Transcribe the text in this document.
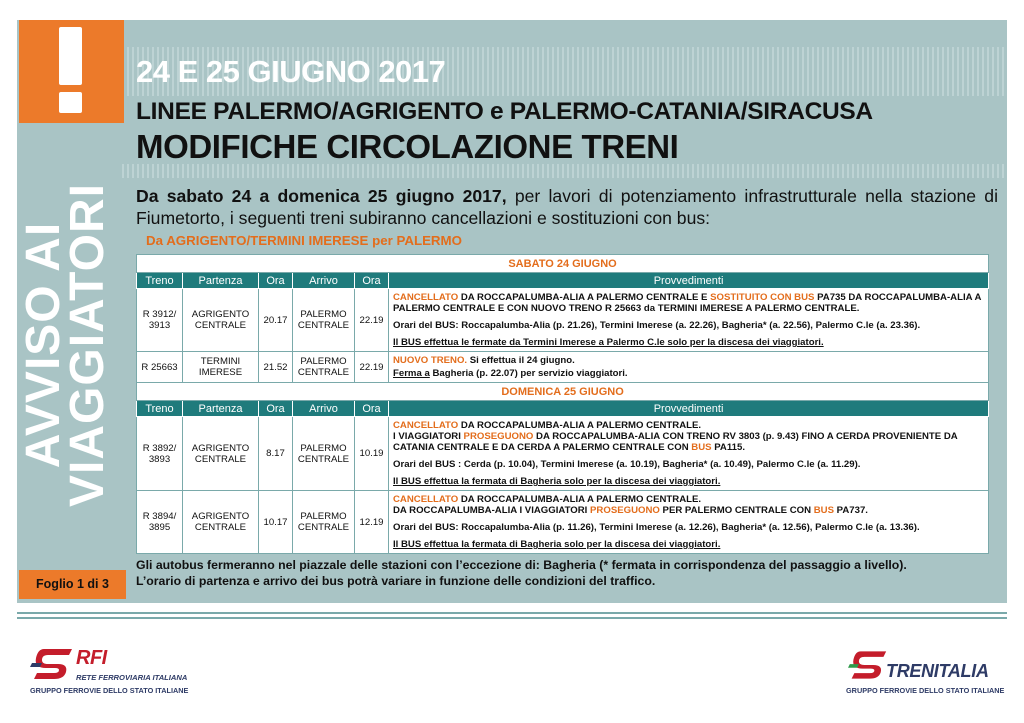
AVVISO AI
VIAGGIATORI
24 E 25 GIUGNO 2017
LINEE PALERMO/AGRIGENTO e PALERMO-CATANIA/SIRACUSA
MODIFICHE CIRCOLAZIONE TRENI
Da sabato 24 a domenica 25 giugno 2017, per lavori di potenziamento infrastrutturale nella stazione di Fiumetorto, i seguenti treni subiranno cancellazioni e sostituzioni con bus:
Da AGRIGENTO/TERMINI IMERESE per PALERMO
SABATO 24 GIUGNO					
Treno	Partenza	Ora	Arrivo	Ora	Provvedimenti
R 3912/ 3913	AGRIGENTO CENTRALE	20.17	PALERMO CENTRALE	22.19	CANCELLATO DA ROCCAPALUMBA-ALIA A PALERMO CENTRALE E SOSTITUITO CON BUS PA735 DA ROCCAPALUMBA-ALIA A PALERMO CENTRALE E CON NUOVO TRENO R 25663 da TERMINI IMERESE A PALERMO CENTRALE.

Orari del BUS: Roccapalumba-Alia (p. 21.26), Termini Imerese (a. 22.26), Bagheria* (a. 22.56), Palermo C.le (a. 23.36).

Il BUS effettua le fermate da Termini Imerese a Palermo C.le solo per la discesa dei viaggiatori.

R 25663	TERMINI IMERESE	21.52	PALERMO CENTRALE	22.19	NUOVO TRENO. Si effettua il 24 giugno.

Ferma a Bagheria (p. 22.07) per servizio viaggiatori.

DOMENICA 25 GIUGNO					
Treno	Partenza	Ora	Arrivo	Ora	Provvedimenti
R 3892/ 3893	AGRIGENTO CENTRALE	8.17	PALERMO CENTRALE	10.19	CANCELLATO DA ROCCAPALUMBA-ALIA A PALERMO CENTRALE.
I VIAGGIATORI PROSEGUONO DA ROCCAPALUMBA-ALIA CON TRENO RV 3803 (p. 9.43) FINO A CERDA PROVENIENTE DA CATANIA CENTRALE E DA CERDA A PALERMO CENTRALE CON BUS PA115.

Orari del BUS : Cerda (p. 10.04), Termini Imerese (a. 10.19), Bagheria* (a. 10.49), Palermo C.le (a. 11.29).

Il BUS effettua la fermata di Bagheria solo per la discesa dei viaggiatori.

R 3894/ 3895	AGRIGENTO CENTRALE	10.17	PALERMO CENTRALE	12.19	CANCELLATO DA ROCCAPALUMBA-ALIA A PALERMO CENTRALE.
DA ROCCAPALUMBA-ALIA I VIAGGIATORI PROSEGUONO PER PALERMO CENTRALE CON BUS PA737.

Orari del BUS: Roccapalumba-Alia (p. 11.26), Termini Imerese (a. 12.26), Bagheria* (a. 12.56), Palermo C.le (a. 13.36).

Il BUS effettua la fermata di Bagheria solo per la discesa dei viaggiatori.

Gli autobus fermeranno nel piazzale delle stazioni con l’eccezione di: Bagheria (* fermata in corrispondenza del passaggio a livello).
L’orario di partenza e arrivo dei bus potrà variare in funzione delle condizioni del traffico.
Foglio 1 di 3
RFI
RETE FERROVIARIA ITALIANA
GRUPPO FERROVIE DELLO STATO ITALIANE
TRENITALIA
GRUPPO FERROVIE DELLO STATO ITALIANE
